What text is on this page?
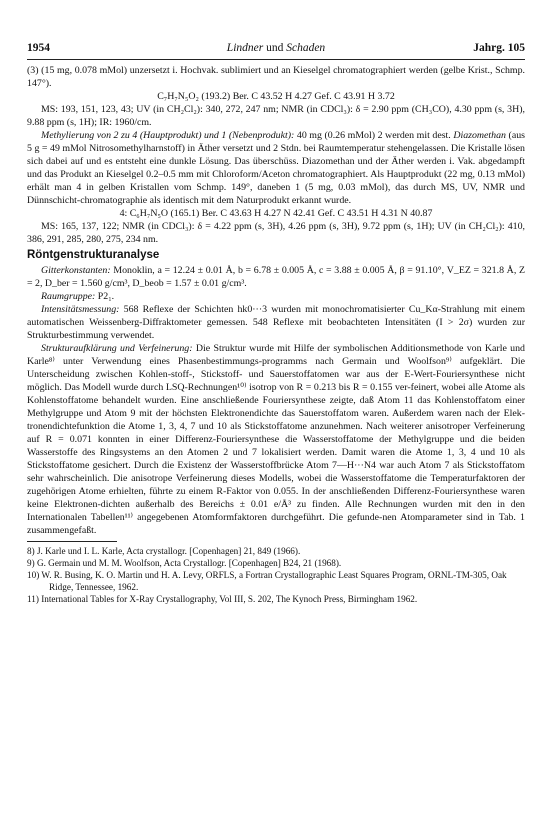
1954	Lindner und Schaden	Jahrg. 105

(3) (15 mg, 0.078 mMol) unzersetzt i. Hochvak. sublimiert und an Kieselgel chromatographiert werden (gelbe Krist., Schmp. 147°).

C₇H₇N₅O₂ (193.2) Ber. C 43.52 H 4.27 Gef. C 43.91 H 3.72

MS: 193, 151, 123, 43; UV (in CH₂Cl₂): 340, 272, 247 nm; NMR (in CDCl₃): δ = 2.90 ppm (CH₃CO), 4.30 ppm (s, 3H), 9.88 ppm (s, 1H); IR: 1960/cm.

Methylierung von 2 zu 4 (Hauptprodukt) und 1 (Nebenprodukt): 40 mg (0.26 mMol) 2 werden mit dest. Diazomethan (aus 5 g = 49 mMol Nitrosomethylharnstoff) in Äther versetzt und 2 Stdn. bei Raumtemperatur stehengelassen. Die Kristalle lösen sich dabei auf und es entsteht eine dunkle Lösung. Das überschüss. Diazomethan und der Äther werden i. Vak. abgedampft und das Produkt an Kieselgel 0.2–0.5 mm mit Chloroform/Aceton chromatographiert. Als Hauptprodukt (22 mg, 0.13 mMol) erhält man 4 in gelben Kristallen vom Schmp. 149°, daneben 1 (5 mg, 0.03 mMol), das durch MS, UV, NMR und Dünnschicht-chromatographie als identisch mit dem Naturprodukt erkannt wurde.

4: C₆H₇N₅O (165.1) Ber. C 43.63 H 4.27 N 42.41 Gef. C 43.51 H 4.31 N 40.87

MS: 165, 137, 122; NMR (in CDCl₃): δ = 4.22 ppm (s, 3H), 4.26 ppm (s, 3H), 9.72 ppm (s, 1H); UV (in CH₂Cl₂): 410, 386, 291, 285, 280, 275, 234 nm.

Röntgenstrukturanalyse

Gitterkonstanten: Monoklin, a = 12.24 ± 0.01 Å, b = 6.78 ± 0.005 Å, c = 3.88 ± 0.005 Å, β = 91.10°, V_EZ = 321.8 Å, Z = 2, D_ber = 1.560 g/cm³, D_beob = 1.57 ± 0.01 g/cm³.

Raumgruppe: P2₁.

Intensitätsmessung: 568 Reflexe der Schichten hk0···3 wurden mit monochromatisierter Cu_Kα-Strahlung mit einem automatischen Weissenberg-Diffraktometer gemessen. 548 Reflexe mit beobachteten Intensitäten (I > 2σ) wurden zur Strukturbestimmung verwendet.

Strukturaufklärung und Verfeinerung: Die Struktur wurde mit Hilfe der symbolischen Additionsmethode von Karle und Karle⁸⁾ unter Verwendung eines Phasenbestimmungs-programms nach Germain und Woolfson⁹⁾ aufgeklärt. Die Unterscheidung zwischen Kohlen-stoff-, Stickstoff- und Sauerstoffatomen war aus der E-Wert-Fouriersynthese nicht möglich. Das Modell wurde durch LSQ-Rechnungen¹⁰⁾ isotrop von R = 0.213 bis R = 0.155 ver-feinert, wobei alle Atome als Kohlenstoffatome behandelt wurden. Eine anschließende Fouriersynthese zeigte, daß Atom 11 das Kohlenstoffatom einer Methylgruppe und Atom 9 mit der höchsten Elektronendichte das Sauerstoffatom waren. Außerdem waren nach der Elek-tronendichtefunktion die Atome 1, 3, 4, 7 und 10 als Stickstoffatome anzunehmen. Nach weiterer anisotroper Verfeinerung auf R = 0.071 konnten in einer Differenz-Fouriersynthese die Wasserstoffatome der Methylgruppe und die beiden Wasserstoffe des Ringsystems an den Atomen 2 und 7 lokalisiert werden. Damit waren die Atome 1, 3, 4 und 10 als Stickstoffatome gesichert. Durch die Existenz der Wasserstoffbrücke Atom 7—H···N4 war auch Atom 7 als Stickstoffatom sehr wahrscheinlich. Die anisotrope Verfeinerung dieses Modells, wobei die Wasserstoffatome die Temperaturfaktoren der zugehörigen Atome erhielten, führte zu einem R-Faktor von 0.055. In der anschließenden Differenz-Fouriersynthese waren keine Elektronen-dichten außerhalb des Bereichs ± 0.01 e/Å³ zu finden. Alle Rechnungen wurden mit den in den Internationalen Tabellen¹¹⁾ angegebenen Atomformfaktoren durchgeführt. Die gefunde-nen Atomparameter sind in Tab. 1 zusammengefaßt.

8) J. Karle und I. L. Karle, Acta crystallogr. [Copenhagen] 21, 849 (1966).

9) G. Germain und M. M. Woolfson, Acta Crystallogr. [Copenhagen] B24, 21 (1968).

10) W. R. Busing, K. O. Martin und H. A. Levy, ORFLS, a Fortran Crystallographic Least Squares Program, ORNL-TM-305, Oak Ridge, Tennessee, 1962.

11) International Tables for X-Ray Crystallography, Vol III, S. 202, The Kynoch Press, Birmingham 1962.
